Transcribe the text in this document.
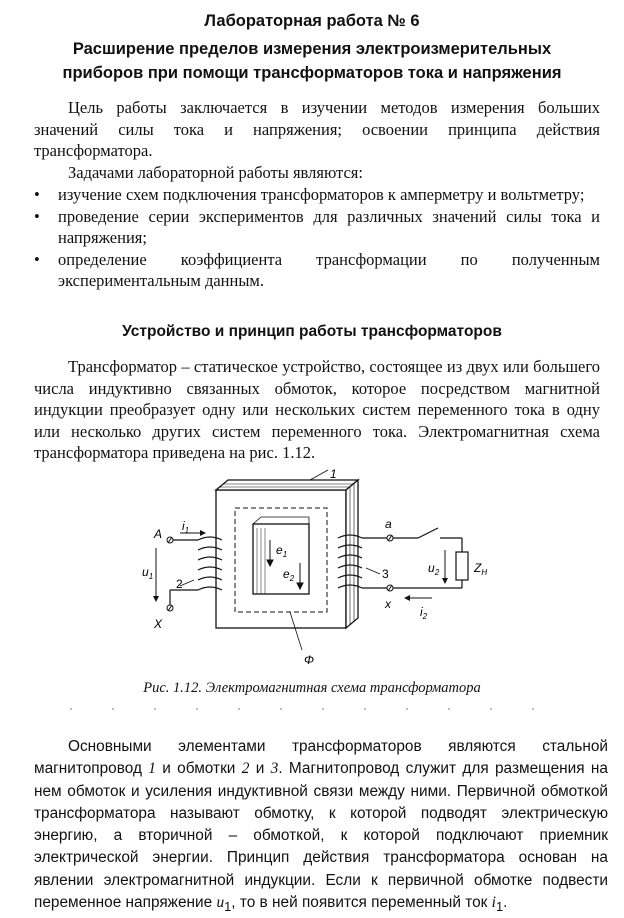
Лабораторная работа № 6

Расширение пределов измерения электроизмерительных

приборов при помощи трансформаторов тока и напряжения

Цель работы заключается в изучении методов измерения больших значений силы тока и напряжения; освоении принципа действия трансформатора.

Задачами лабораторной работы являются:

• изучение схем подключения трансформаторов к амперметру и вольтметру;
• проведение серии экспериментов для различных значений силы тока и напряжения;
• определение коэффициента трансформации по полученным экспериментальным данным.

Устройство и принцип работы трансформаторов

Трансформатор – статическое устройство, состоящее из двух или большего числа индуктивно связанных обмоток, которое посредством магнитной индукции преобразует одну или нескольких систем переменного тока в одну или несколько других систем переменного тока. Электромагнитная схема трансформатора приведена на рис. 1.12.

1
2
3
A
X
a
x
$i_1$
$u_1$
$e_1$
$e_2$
$u_2$	$Z_Н$
$i_2$
Φ

Рис. 1.12. Электромагнитная схема трансформатора

Основными элементами трансформаторов являются стальной магнитопровод 1 и обмотки 2 и 3. Магнитопровод служит для размещения на нем обмоток и усиления индуктивной связи между ними. Первичной обмоткой трансформатора называют обмотку, к которой подводят электрическую энергию, а вторичной – обмоткой, к которой подключают приемник электрической энергии. Принцип действия трансформатора основан на явлении электромагнитной индукции. Если к первичной обмотке подвести переменное напряжение $u_1$, то в ней появится переменный ток $i_1$.
